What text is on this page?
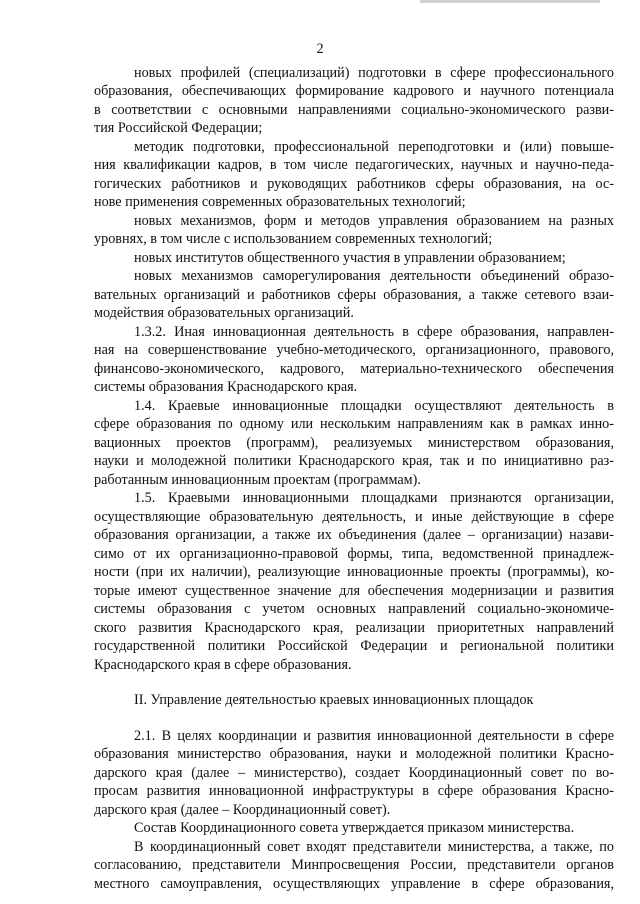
2
новых профилей (специализаций) подготовки в сфере профессионального
образования, обеспечивающих формирование кадрового и научного потенциала
в соответствии с основными направлениями социально-экономического разви-
тия Российской Федерации;
методик подготовки, профессиональной переподготовки и (или) повыше-
ния квалификации кадров, в том числе педагогических, научных и научно-педа-
гогических работников и руководящих работников сферы образования, на ос-
нове применения современных образовательных технологий;
новых механизмов, форм и методов управления образованием на разных
уровнях, в том числе с использованием современных технологий;
новых институтов общественного участия в управлении образованием;
новых механизмов саморегулирования деятельности объединений образо-
вательных организаций и работников сферы образования, а также сетевого взаи-
модействия образовательных организаций.
1.3.2. Иная инновационная деятельность в сфере образования, направлен-
ная на совершенствование учебно-методического, организационного, правового,
финансово-экономического, кадрового, материально-технического обеспечения
системы образования Краснодарского края.
1.4. Краевые инновационные площадки осуществляют деятельность в
сфере образования по одному или нескольким направлениям как в рамках инно-
вационных проектов (программ), реализуемых министерством образования,
науки и молодежной политики Краснодарского края, так и по инициативно раз-
работанным инновационным проектам (программам).
1.5. Краевыми инновационными площадками признаются организации,
осуществляющие образовательную деятельность, и иные действующие в сфере
образования организации, а также их объединения (далее – организации) назави-
симо от их организационно-правовой формы, типа, ведомственной принадлеж-
ности (при их наличии), реализующие инновационные проекты (программы), ко-
торые имеют существенное значение для обеспечения модернизации и развития
системы образования с учетом основных направлений социально-экономиче-
ского развития Краснодарского края, реализации приоритетных направлений
государственной политики Российской Федерации и региональной политики
Краснодарского края в сфере образования.
II. Управление деятельностью краевых инновационных площадок
2.1. В целях координации и развития инновационной деятельности в сфере
образования министерство образования, науки и молодежной политики Красно-
дарского края (далее – министерство), создает Координационный совет по во-
просам развития инновационной инфраструктуры в сфере образования Красно-
дарского края (далее – Координационный совет).
Состав Координационного совета утверждается приказом министерства.
В координационный совет входят представители министерства, а также, по
согласованию, представители Минпросвещения России, представители органов
местного самоуправления, осуществляющих управление в сфере образования,
